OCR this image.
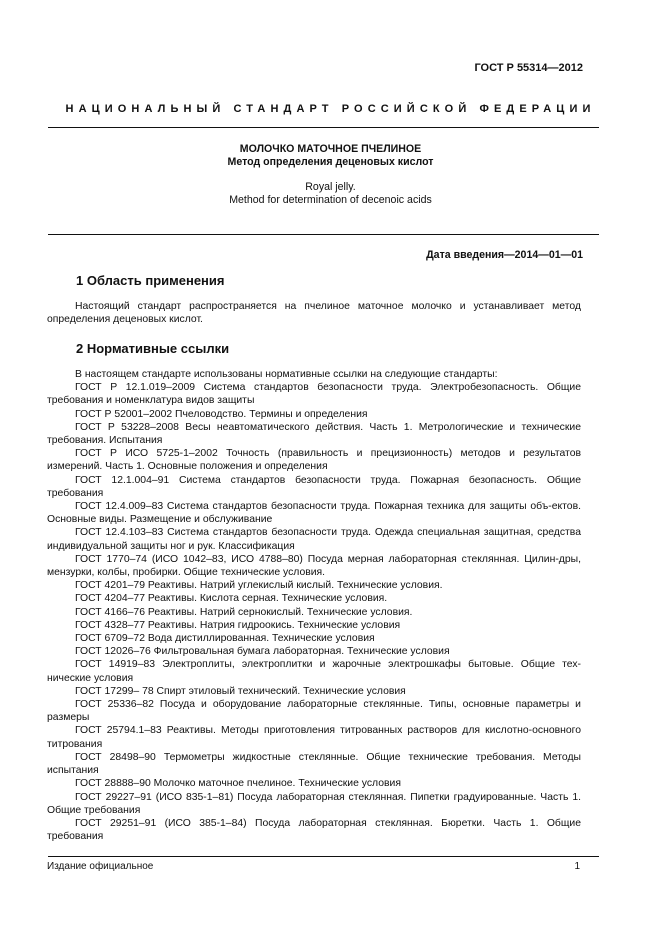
ГОСТ Р 55314—2012
НАЦИОНАЛЬНЫЙ СТАНДАРТ РОССИЙСКОЙ ФЕДЕРАЦИИ
МОЛОЧКО МАТОЧНОЕ ПЧЕЛИНОЕ
Метод определения деценовых кислот
Royal jelly.
Method for determination of decenoic acids
Дата введения—2014—01—01
1 Область применения

Настоящий стандарт распространяется на пчелиное маточное молочко и устанавливает метод определения деценовых кислот.

2 Нормативные ссылки

В настоящем стандарте использованы нормативные ссылки на следующие стандарты:

ГОСТ Р 12.1.019–2009 Система стандартов безопасности труда. Электробезопасность. Общие требования и номенклатура видов защиты

ГОСТ Р 52001–2002 Пчеловодство. Термины и определения

ГОСТ Р 53228–2008 Весы неавтоматического действия. Часть 1. Метрологические и технические требования. Испытания

ГОСТ Р ИСО 5725-1–2002 Точность (правильность и прецизионность) методов и результатов измерений. Часть 1. Основные положения и определения

ГОСТ 12.1.004–91 Система стандартов безопасности труда. Пожарная безопасность. Общие требования

ГОСТ 12.4.009–83 Система стандартов безопасности труда. Пожарная техника для защиты объ-ектов. Основные виды. Размещение и обслуживание

ГОСТ 12.4.103–83 Система стандартов безопасности труда. Одежда специальная защитная, средства индивидуальной защиты ног и рук. Классификация

ГОСТ 1770–74 (ИСО 1042–83, ИСО 4788–80) Посуда мерная лабораторная стеклянная. Цилин-дры, мензурки, колбы, пробирки. Общие технические условия.

ГОСТ 4201–79 Реактивы. Натрий углекислый кислый. Технические условия.

ГОСТ 4204–77 Реактивы. Кислота серная. Технические условия.

ГОСТ 4166–76 Реактивы. Натрий сернокислый. Технические условия.

ГОСТ 4328–77 Реактивы. Натрия гидроокись. Технические условия

ГОСТ 6709–72 Вода дистиллированная. Технические условия

ГОСТ 12026–76 Фильтровальная бумага лабораторная. Технические условия

ГОСТ 14919–83 Электроплиты, электроплитки и жарочные электрошкафы бытовые. Общие тех-нические условия

ГОСТ 17299– 78 Спирт этиловый технический. Технические условия

ГОСТ 25336–82 Посуда и оборудование лабораторные стеклянные. Типы, основные параметры и размеры

ГОСТ 25794.1–83 Реактивы. Методы приготовления титрованных растворов для кислотно-основного титрования

ГОСТ 28498–90 Термометры жидкостные стеклянные. Общие технические требования. Методы испытания

ГОСТ 28888–90 Молочко маточное пчелиное. Технические условия

ГОСТ 29227–91 (ИСО 835-1–81) Посуда лабораторная стеклянная. Пипетки градуированные. Часть 1. Общие требования

ГОСТ 29251–91 (ИСО 385-1–84) Посуда лабораторная стеклянная. Бюретки. Часть 1. Общие требования

Издание официальное	1
